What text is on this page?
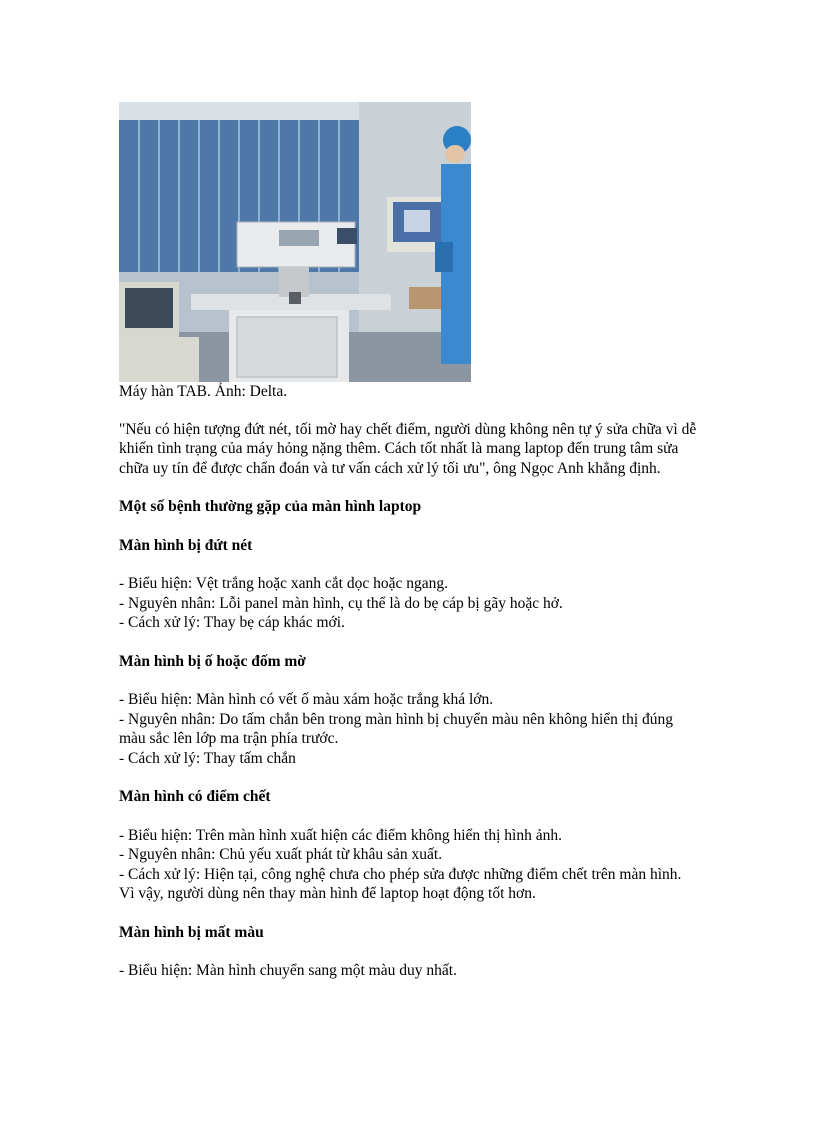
Máy hàn TAB. Ảnh: Delta.

"Nếu có hiện tượng đứt nét, tối mờ hay chết điểm, người dùng không nên tự ý sửa chữa vì dễ khiến tình trạng của máy hỏng nặng thêm. Cách tốt nhất là mang laptop đến trung tâm sửa chữa uy tín để được chẩn đoán và tư vấn cách xử lý tối ưu", ông Ngọc Anh khẳng định.

Một số bệnh thường gặp của màn hình laptop
Màn hình bị đứt nét

- Biểu hiện: Vệt trắng hoặc xanh cắt dọc hoặc ngang.

- Nguyên nhân: Lỗi panel màn hình, cụ thể là do bẹ cáp bị gãy hoặc hở.

- Cách xử lý: Thay bẹ cáp khác mới.

Màn hình bị ố hoặc đốm mờ

- Biểu hiện: Màn hình có vết ố màu xám hoặc trắng khá lớn.

- Nguyên nhân: Do tấm chắn bên trong màn hình bị chuyển màu nên không hiển thị đúng màu sắc lên lớp ma trận phía trước.

- Cách xử lý: Thay tấm chắn

Màn hình có điểm chết

- Biểu hiện: Trên màn hình xuất hiện các điểm không hiển thị hình ảnh.

- Nguyên nhân: Chủ yếu xuất phát từ khâu sản xuất.

- Cách xử lý: Hiện tại, công nghệ chưa cho phép sửa được những điểm chết trên màn hình. Vì vậy, người dùng nên thay màn hình để laptop hoạt động tốt hơn.

Màn hình bị mất màu

- Biểu hiện: Màn hình chuyển sang một màu duy nhất.
